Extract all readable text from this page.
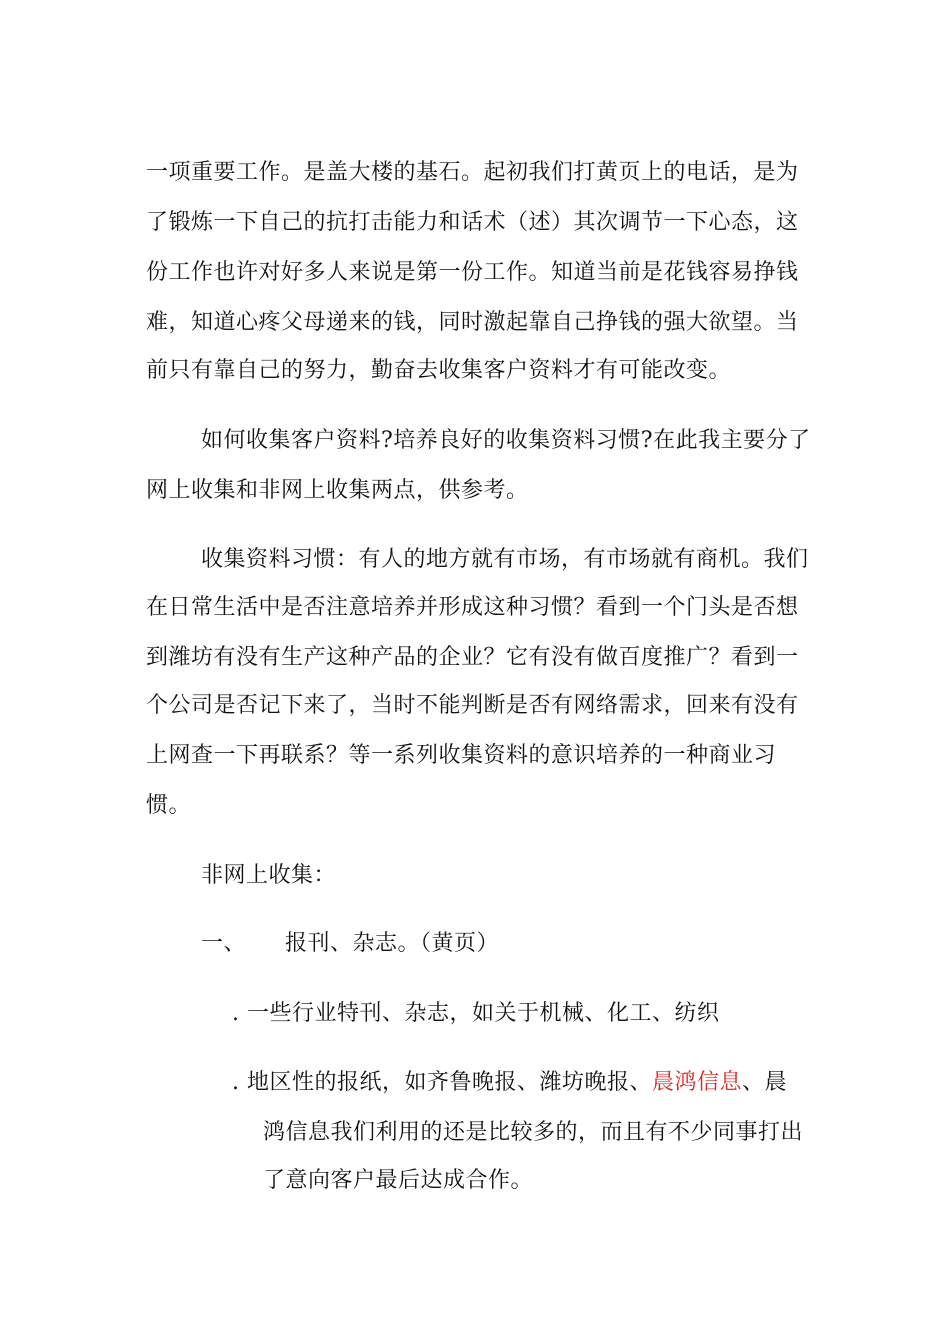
一项重要工作。是盖大楼的基石。起初我们打黄页上的电话，是为
了锻炼一下自己的抗打击能力和话术（述）其次调节一下心态，这
份工作也许对好多人来说是第一份工作。知道当前是花钱容易挣钱
难，知道心疼父母递来的钱，同时激起靠自己挣钱的强大欲望。当
前只有靠自己的努力，勤奋去收集客户资料才有可能改变。
如何收集客户资料?培养良好的收集资料习惯?在此我主要分了
网上收集和非网上收集两点，供参考。
收集资料习惯：有人的地方就有市场，有市场就有商机。我们
在日常生活中是否注意培养并形成这种习惯？看到一个门头是否想
到潍坊有没有生产这种产品的企业？它有没有做百度推广？看到一
个公司是否记下来了，当时不能判断是否有网络需求，回来有没有
上网查一下再联系？等一系列收集资料的意识培养的一种商业习
惯。
非网上收集：
一、 报刊、杂志。（黄页）
. 一些行业特刊、杂志，如关于机械、化工、纺织
. 地区性的报纸，如齐鲁晚报、潍坊晚报、晨鸿信息、晨
鸿信息我们利用的还是比较多的，而且有不少同事打出
了意向客户最后达成合作。
